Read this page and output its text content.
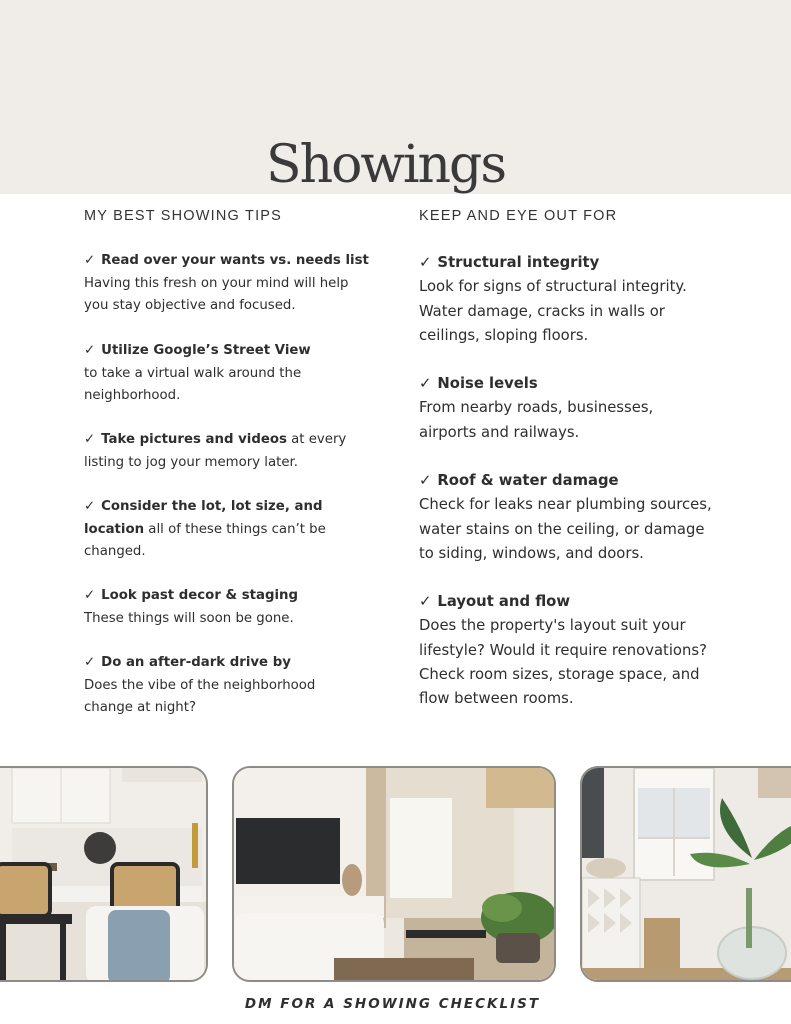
Showings
MY BEST SHOWING TIPS
✓ Read over your wants vs. needs list
Having this fresh on your mind will help
you stay objective and focused.
✓ Utilize Google’s Street View
to take a virtual walk around the
neighborhood.
✓ Take pictures and videos at every
listing to jog your memory later.
✓ Consider the lot, lot size, and
location all of these things can’t be
changed.
✓ Look past decor & staging
These things will soon be gone.
✓ Do an after-dark drive by
Does the vibe of the neighborhood
change at night?
KEEP AND EYE OUT FOR
✓ Structural integrity
Look for signs of structural integrity.
Water damage, cracks in walls or
ceilings, sloping floors.
✓ Noise levels
From nearby roads, businesses,
airports and railways.
✓ Roof & water damage
Check for leaks near plumbing sources,
water stains on the ceiling, or damage
to siding, windows, and doors.
✓ Layout and flow
Does the property's layout suit your
lifestyle? Would it require renovations?
Check room sizes, storage space, and
flow between rooms.
DM FOR A SHOWING CHECKLIST
